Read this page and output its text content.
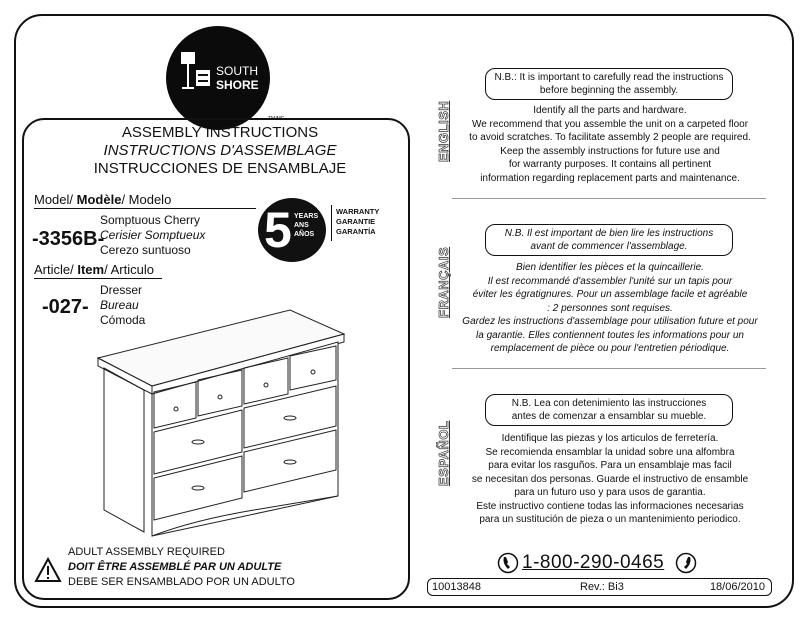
SOUTH
SHORE
TM/MC
ASSEMBLY INSTRUCTIONS
INSTRUCTIONS D'ASSEMBLAGE
INSTRUCCIONES DE ENSAMBLAJE
Model/ Modèle/ Modelo
-3356B-
Somptuous Cherry
Cerisier Somptueux
Cerezo suntuoso 5 YEARS
ANS
AÑOS
WARRANTY
GARANTIE
GARANTÍA
Article/ Item/ Articulo
-027-
Dresser
Bureau
Cómoda
ADULT ASSEMBLY REQUIRED
DOIT ÊTRE ASSEMBLÉ PAR UN ADULTE
DEBE SER ENSAMBLADO POR UN ADULTO
ENGLISH
N.B.: It is important to carefully read the instructions
before beginning the assembly.
Identify all the parts and hardware.
We recommend that you assemble the unit on a carpeted floor
to avoid scratches. To facilitate assembly 2 people are required.
Keep the assembly instructions for future use and
for warranty purposes. It contains all pertinent
information regarding replacement parts and maintenance.
FRANÇAIS
N.B. Il est important de bien lire les instructions
avant de commencer l'assemblage.
Bien identifier les pièces et la quincaillerie.
Il est recommandé d'assembler l'unité sur un tapis pour
éviter les égratignures. Pour un assemblage facile et agréable
: 2 personnes sont requises.
Gardez les instructions d'assemblage pour utilisation future et pour
la garantie. Elles contiennent toutes les informations pour un
remplacement de pièce ou pour l'entretien périodique.
ESPAÑOL
N.B. Lea con detenimiento las instrucciones
antes de comenzar a ensamblar su mueble.
Identifique las piezas y los articulos de ferretería.
Se recomienda ensamblar la unidad sobre una alfombra
para evitar los rasguños. Para un ensamblaje mas facil
se necesitan dos personas. Guarde el instructivo de ensamble
para un futuro uso y para usos de garantia.
Este instructivo contiene todas las informaciones necesarias
para un sustitución de pieza o un mantenimiento periodico.
1-800-290-0465
10013848	Rev.: Bi3	18/06/2010
